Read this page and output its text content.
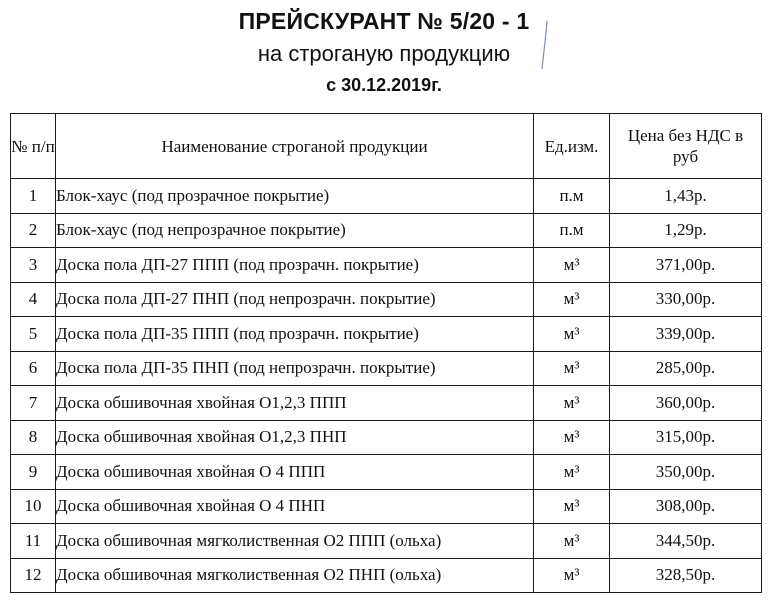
ПРЕЙСКУРАНТ № 5/20 - 1
на строганую продукцию
с 30.12.2019г.
№ п/п	Наименование строганой продукции	Ед.изм.	Цена без НДС в руб
1	Блок-хаус (под прозрачное покрытие)	п.м	1,43р.
2	Блок-хаус (под непрозрачное покрытие)	п.м	1,29р.
3	Доска пола ДП-27 ППП (под прозрачн. покрытие)	м³	371,00р.
4	Доска пола ДП-27 ПНП (под непрозрачн. покрытие)	м³	330,00р.
5	Доска пола ДП-35 ППП (под прозрачн. покрытие)	м³	339,00р.
6	Доска пола ДП-35 ПНП (под непрозрачн. покрытие)	м³	285,00р.
7	Доска обшивочная хвойная О1,2,3 ППП	м³	360,00р.
8	Доска обшивочная хвойная О1,2,3 ПНП	м³	315,00р.
9	Доска обшивочная хвойная О 4 ППП	м³	350,00р.
10	Доска обшивочная хвойная О 4 ПНП	м³	308,00р.
11	Доска обшивочная мягколиственная О2 ППП (ольха)	м³	344,50р.
12	Доска обшивочная мягколиственная О2 ПНП (ольха)	м³	328,50р.
